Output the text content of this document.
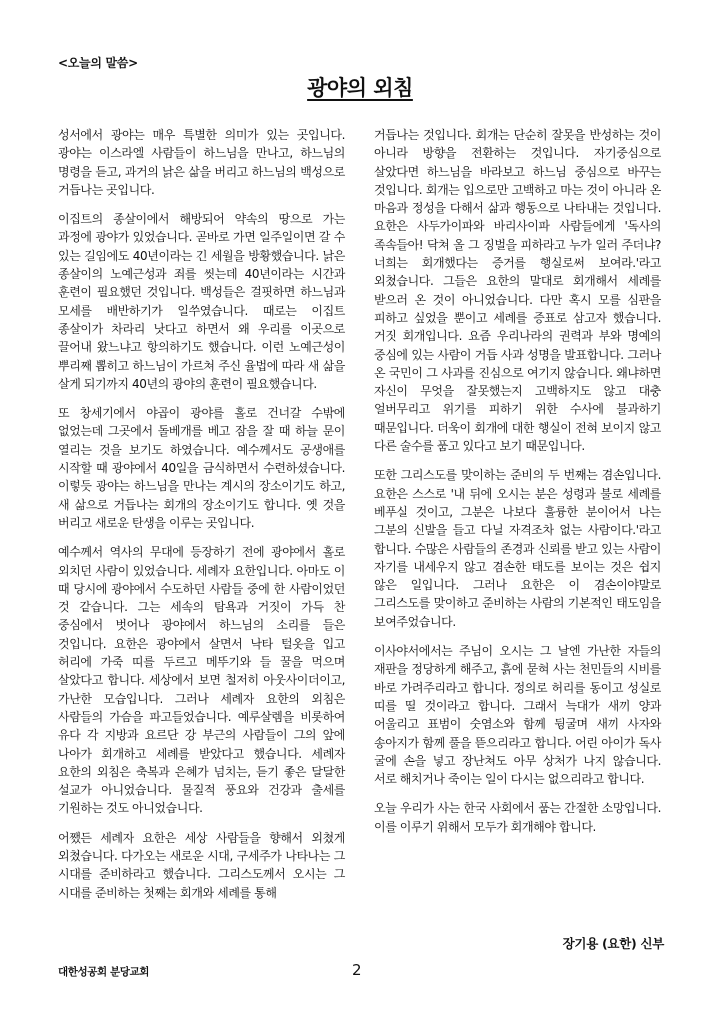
<오늘의 말씀>
광야의 외침

성서에서 광야는 매우 특별한 의미가 있는 곳입니다. 광야는 이스라엘 사람들이 하느님을 만나고, 하느님의 명령을 듣고, 과거의 낡은 삶을 버리고 하느님의 백성으로 거듭나는 곳입니다.

이집트의 종살이에서 해방되어 약속의 땅으로 가는 과정에 광야가 있었습니다. 곧바로 가면 일주일이면 갈 수 있는 길임에도 40년이라는 긴 세월을 방황했습니다. 낡은 종살이의 노예근성과 죄를 씻는데 40년이라는 시간과 훈련이 필요했던 것입니다. 백성들은 걸핏하면 하느님과 모세를 배반하기가 일쑤였습니다. 때로는 이집트 종살이가 차라리 낫다고 하면서 왜 우리를 이곳으로 끌어내 왔느냐고 항의하기도 했습니다. 이런 노예근성이 뿌리째 뽑히고 하느님이 가르쳐 주신 율법에 따라 새 삶을 살게 되기까지 40년의 광야의 훈련이 필요했습니다.

또 창세기에서 야곱이 광야를 홀로 건너갈 수밖에 없었는데 그곳에서 돌베개를 베고 잠을 잘 때 하늘 문이 열리는 것을 보기도 하였습니다. 예수께서도 공생애를 시작할 때 광야에서 40일을 금식하면서 수련하셨습니다. 이렇듯 광야는 하느님을 만나는 계시의 장소이기도 하고, 새 삶으로 거듭나는 회개의 장소이기도 합니다. 옛 것을 버리고 새로운 탄생을 이루는 곳입니다.

예수께서 역사의 무대에 등장하기 전에 광야에서 홀로 외치던 사람이 있었습니다. 세례자 요한입니다. 아마도 이 때 당시에 광야에서 수도하던 사람들 중에 한 사람이었던 것 같습니다. 그는 세속의 탐욕과 거짓이 가득 찬 중심에서 벗어나 광야에서 하느님의 소리를 들은 것입니다. 요한은 광야에서 살면서 낙타 털옷을 입고 허리에 가죽 띠를 두르고 메뚜기와 들 꿀을 먹으며 살았다고 합니다. 세상에서 보면 철저히 아웃사이더이고, 가난한 모습입니다. 그러나 세례자 요한의 외침은 사람들의 가슴을 파고들었습니다. 예루살렘을 비롯하여 유다 각 지방과 요르단 강 부근의 사람들이 그의 앞에 나아가 회개하고 세례를 받았다고 했습니다. 세례자 요한의 외침은 축복과 은혜가 넘치는, 듣기 좋은 달달한 설교가 아니었습니다. 물질적 풍요와 건강과 출세를 기원하는 것도 아니었습니다.

어쨌든 세례자 요한은 세상 사람들을 향해서 외쳤게 외쳤습니다. 다가오는 새로운 시대, 구세주가 나타나는 그 시대를 준비하라고 했습니다. 그리스도께서 오시는 그 시대를 준비하는 첫째는 회개와 세례를 통해

거듭나는 것입니다. 회개는 단순히 잘못을 반성하는 것이 아니라 방향을 전환하는 것입니다. 자기중심으로 살았다면 하느님을 바라보고 하느님 중심으로 바꾸는 것입니다. 회개는 입으로만 고백하고 마는 것이 아니라 온 마음과 정성을 다해서 삶과 행동으로 나타내는 것입니다. 요한은 사두가이파와 바리사이파 사람들에게 '독사의 족속들아! 닥쳐 올 그 징벌을 피하라고 누가 일러 주더냐? 너희는 회개했다는 증거를 행실로써 보여라.'라고 외쳤습니다. 그들은 요한의 말대로 회개해서 세례를 받으러 온 것이 아니었습니다. 다만 혹시 모를 심판을 피하고 싶었을 뿐이고 세례를 증표로 삼고자 했습니다. 거짓 회개입니다. 요즘 우리나라의 권력과 부와 명예의 중심에 있는 사람이 거듭 사과 성명을 발표합니다. 그러나 온 국민이 그 사과를 진심으로 여기지 않습니다. 왜냐하면 자신이 무엇을 잘못했는지 고백하지도 않고 대충 얼버무리고 위기를 피하기 위한 수사에 불과하기 때문입니다. 더욱이 회개에 대한 행실이 전혀 보이지 않고 다른 술수를 품고 있다고 보기 때문입니다.

또한 그리스도를 맞이하는 준비의 두 번째는 겸손입니다. 요한은 스스로 '내 뒤에 오시는 분은 성령과 불로 세례를 베푸실 것이고, 그분은 나보다 훌륭한 분이어서 나는 그분의 신발을 들고 다닐 자격조차 없는 사람이다.'라고 합니다. 수많은 사람들의 존경과 신뢰를 받고 있는 사람이 자기를 내세우지 않고 겸손한 태도를 보이는 것은 쉽지 않은 일입니다. 그러나 요한은 이 겸손이야말로 그리스도를 맞이하고 준비하는 사람의 기본적인 태도임을 보여주었습니다.

이사야서에서는 주님이 오시는 그 날엔 가난한 자들의 재판을 정당하게 해주고, 흙에 묻혀 사는 천민들의 시비를 바로 가려주리라고 합니다. 정의로 허리를 동이고 성실로 띠를 띨 것이라고 합니다. 그래서 늑대가 새끼 양과 어울리고 표범이 숫염소와 함께 뒹굴며 새끼 사자와 송아지가 함께 풀을 뜯으리라고 합니다. 어린 아이가 독사 굴에 손을 넣고 장난쳐도 아무 상처가 나지 않습니다. 서로 해치거나 죽이는 일이 다시는 없으리라고 합니다.

오늘 우리가 사는 한국 사회에서 품는 간절한 소망입니다. 이를 이루기 위해서 모두가 회개해야 합니다.

장기용 (요한) 신부
대한성공회 분당교회	2
